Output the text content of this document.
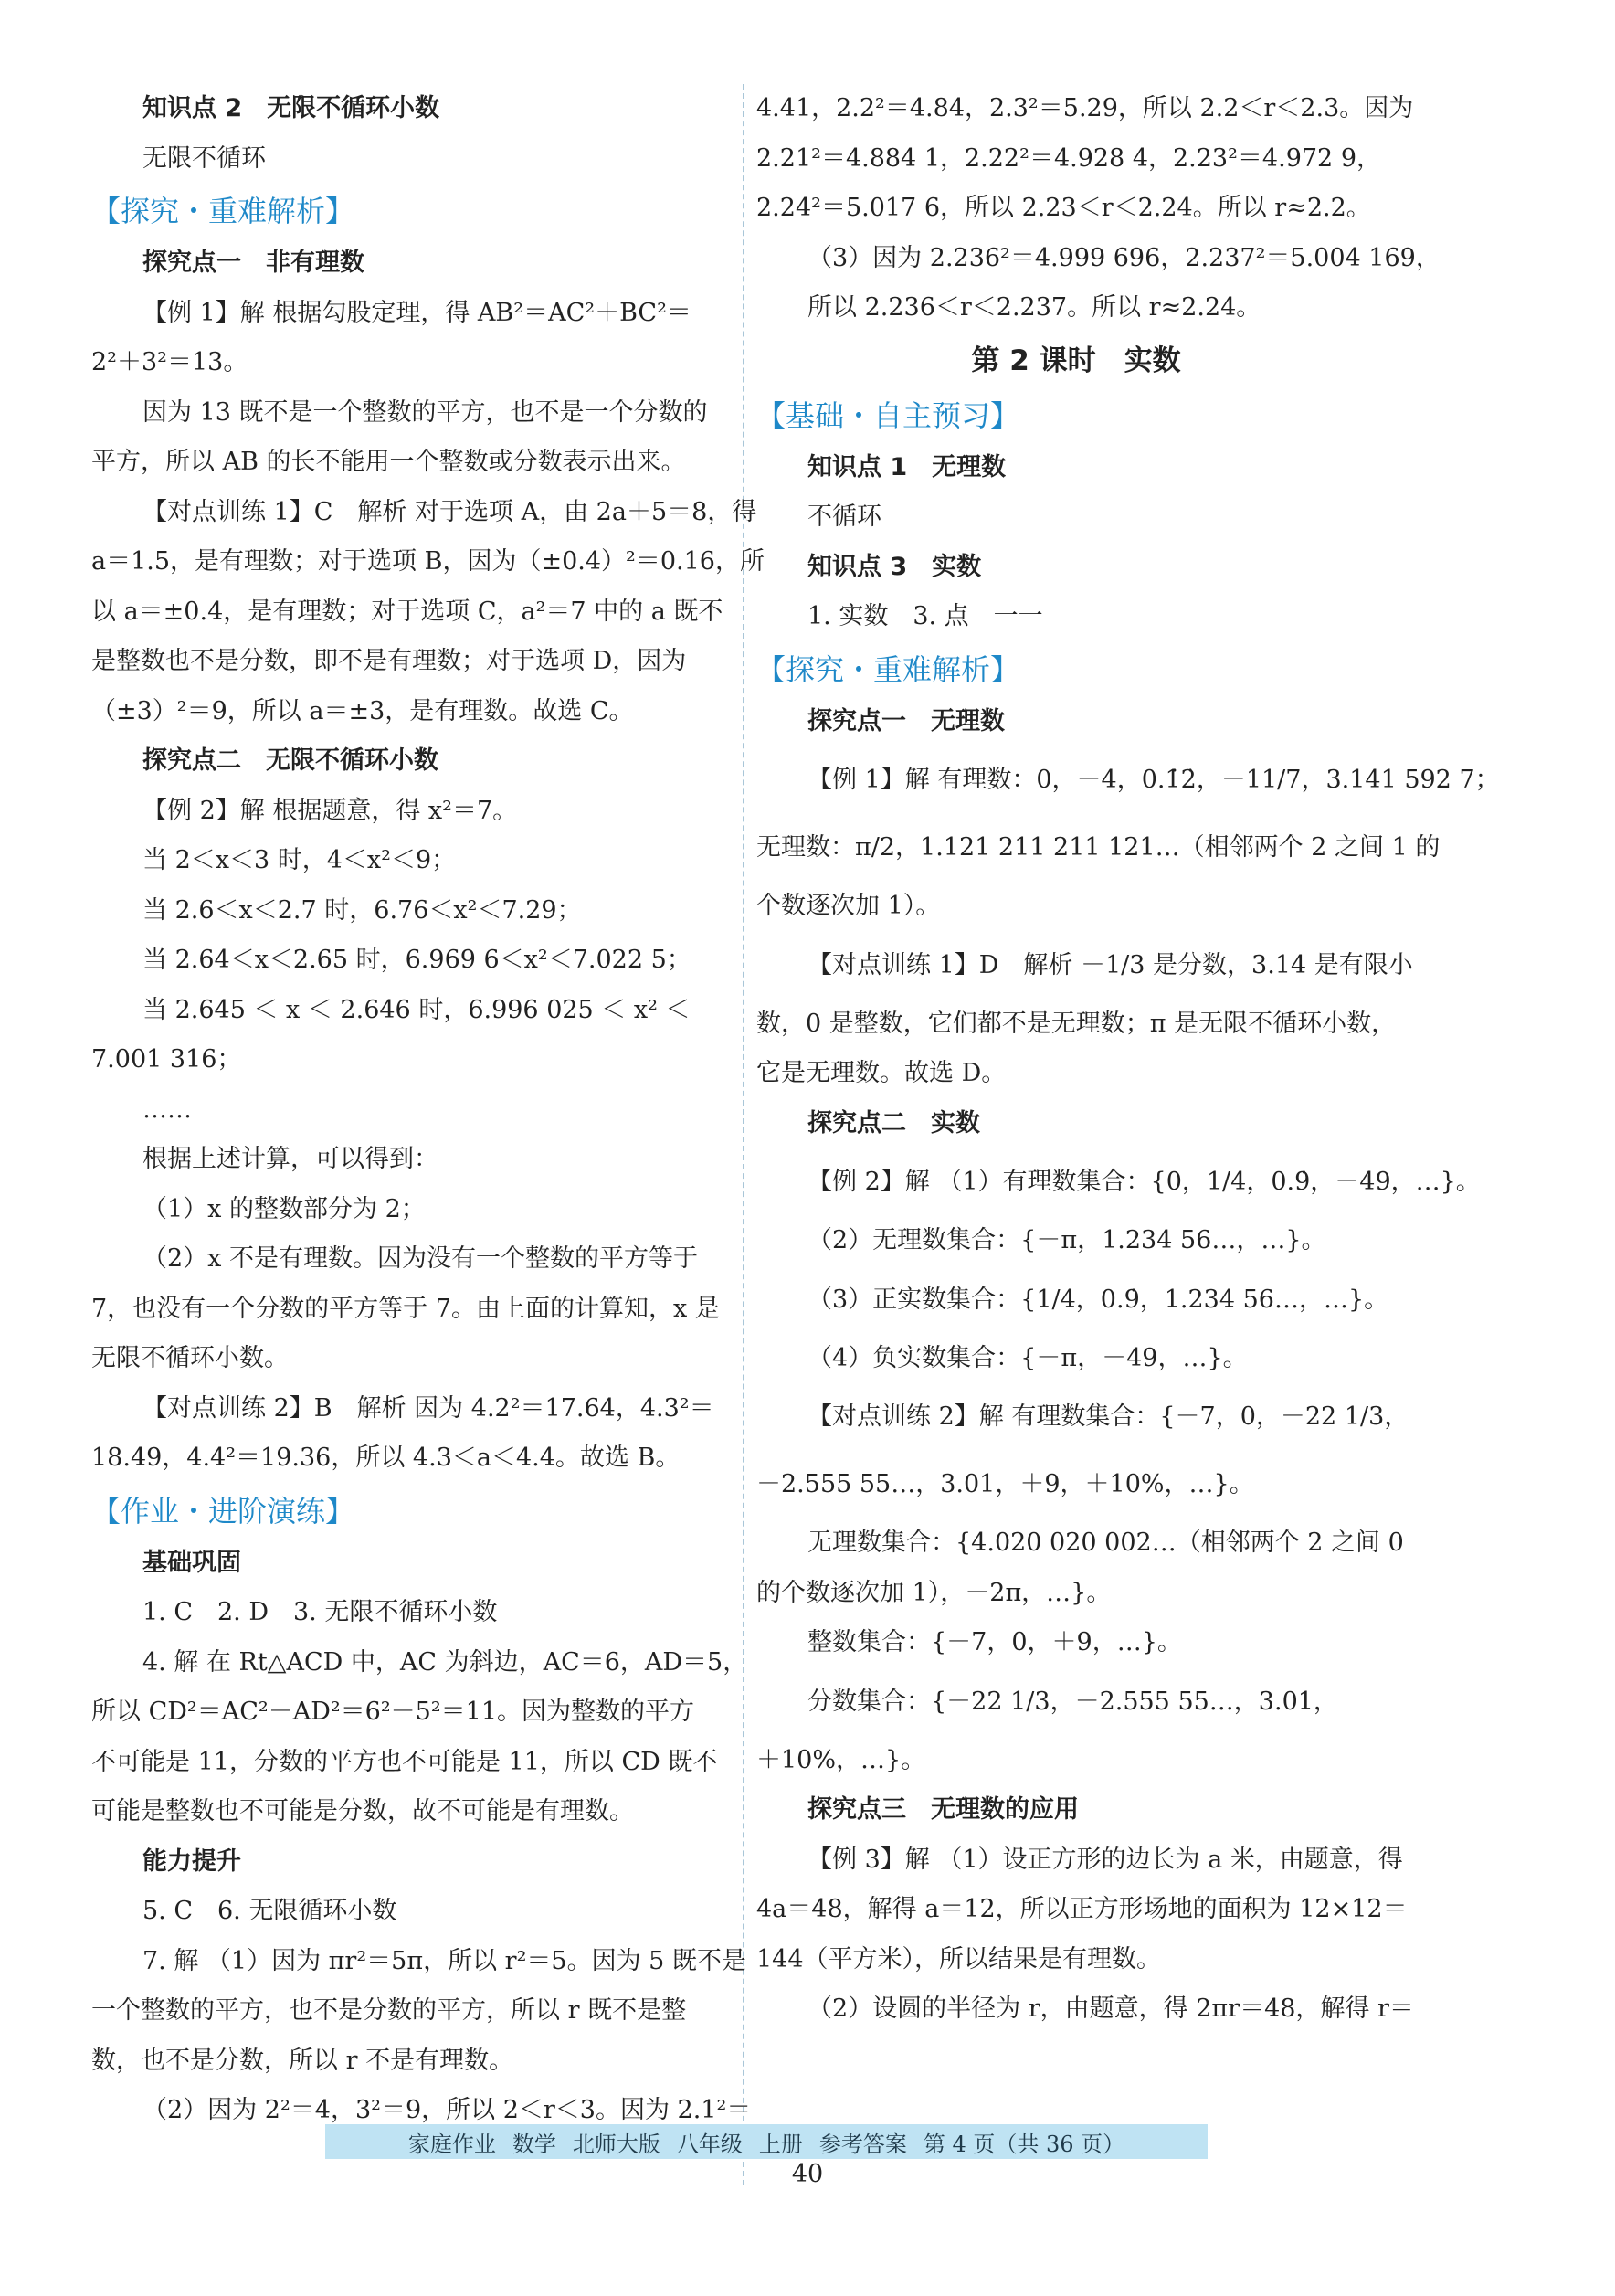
知识点 2　无限不循环小数
无限不循环
【探究・重难解析】
探究点一　非有理数
【例 1】解 根据勾股定理，得 AB²＝AC²＋BC²＝
2²＋3²＝13。
因为 13 既不是一个整数的平方，也不是一个分数的
平方，所以 AB 的长不能用一个整数或分数表示出来。
【对点训练 1】C　解析 对于选项 A，由 2a＋5＝8，得
a＝1.5，是有理数；对于选项 B，因为（±0.4）²＝0.16，所
以 a＝±0.4，是有理数；对于选项 C，a²＝7 中的 a 既不
是整数也不是分数，即不是有理数；对于选项 D，因为
（±3）²＝9，所以 a＝±3，是有理数。故选 C。
探究点二　无限不循环小数
【例 2】解 根据题意，得 x²＝7。
当 2＜x＜3 时，4＜x²＜9；
当 2.6＜x＜2.7 时，6.76＜x²＜7.29；
当 2.64＜x＜2.65 时，6.969 6＜x²＜7.022 5；
当 2.645 ＜ x ＜ 2.646 时，6.996 025 ＜ x² ＜
7.001 316；
……
根据上述计算，可以得到：
（1）x 的整数部分为 2；
（2）x 不是有理数。因为没有一个整数的平方等于
7，也没有一个分数的平方等于 7。由上面的计算知，x 是
无限不循环小数。
【对点训练 2】B　解析 因为 4.2²＝17.64，4.3²＝
18.49，4.4²＝19.36，所以 4.3＜a＜4.4。故选 B。
【作业・进阶演练】
基础巩固
1. C　2. D　3. 无限不循环小数
4. 解 在 Rt△ACD 中，AC 为斜边，AC＝6，AD＝5，
所以 CD²＝AC²－AD²＝6²－5²＝11。因为整数的平方
不可能是 11，分数的平方也不可能是 11，所以 CD 既不
可能是整数也不可能是分数，故不可能是有理数。
能力提升
5. C　6. 无限循环小数
7. 解 （1）因为 πr²＝5π，所以 r²＝5。因为 5 既不是
一个整数的平方，也不是分数的平方，所以 r 既不是整
数，也不是分数，所以 r 不是有理数。
（2）因为 2²＝4，3²＝9，所以 2＜r＜3。因为 2.1²＝
4.41，2.2²＝4.84，2.3²＝5.29，所以 2.2＜r＜2.3。因为
2.21²＝4.884 1，2.22²＝4.928 4，2.23²＝4.972 9，
2.24²＝5.017 6，所以 2.23＜r＜2.24。所以 r≈2.2。
（3）因为 2.236²＝4.999 696，2.237²＝5.004 169，
所以 2.236＜r＜2.237。所以 r≈2.24。
第 2 课时　实数
【基础・自主预习】
知识点 1　无理数
不循环
知识点 3　实数
1. 实数　3. 点　一一
【探究・重难解析】
探究点一　无理数
【例 1】解 有理数：0，－4，0.1̇2̇，－11/7，3.141 592 7；
无理数：π/2，1.121 211 211 121…（相邻两个 2 之间 1 的
个数逐次加 1）。
【对点训练 1】D　解析 －1/3 是分数，3.14 是有限小
数，0 是整数，它们都不是无理数；π 是无限不循环小数，
它是无理数。故选 D。
探究点二　实数
【例 2】解 （1）有理数集合：{0，1/4，0.9̇，－49，…}。
（2）无理数集合：{－π，1.234 56…，…}。
（3）正实数集合：{1/4，0.9̇，1.234 56…，…}。
（4）负实数集合：{－π，－49，…}。
【对点训练 2】解 有理数集合：{－7，0，－22 1/3，
－2.555 55…，3.01，＋9，＋10%，…}。
无理数集合：{4.020 020 002…（相邻两个 2 之间 0
的个数逐次加 1），－2π，…}。
整数集合：{－7，0，＋9，…}。
分数集合：{－22 1/3，－2.555 55…，3.01，
＋10%，…}。
探究点三　无理数的应用
【例 3】解 （1）设正方形的边长为 a 米，由题意，得
4a＝48，解得 a＝12，所以正方形场地的面积为 12×12＝
144（平方米），所以结果是有理数。
（2）设圆的半径为 r，由题意，得 2πr＝48，解得 r＝
家庭作业 数学 北师大版 八年级 上册 参考答案 第 4 页（共 36 页）
40
